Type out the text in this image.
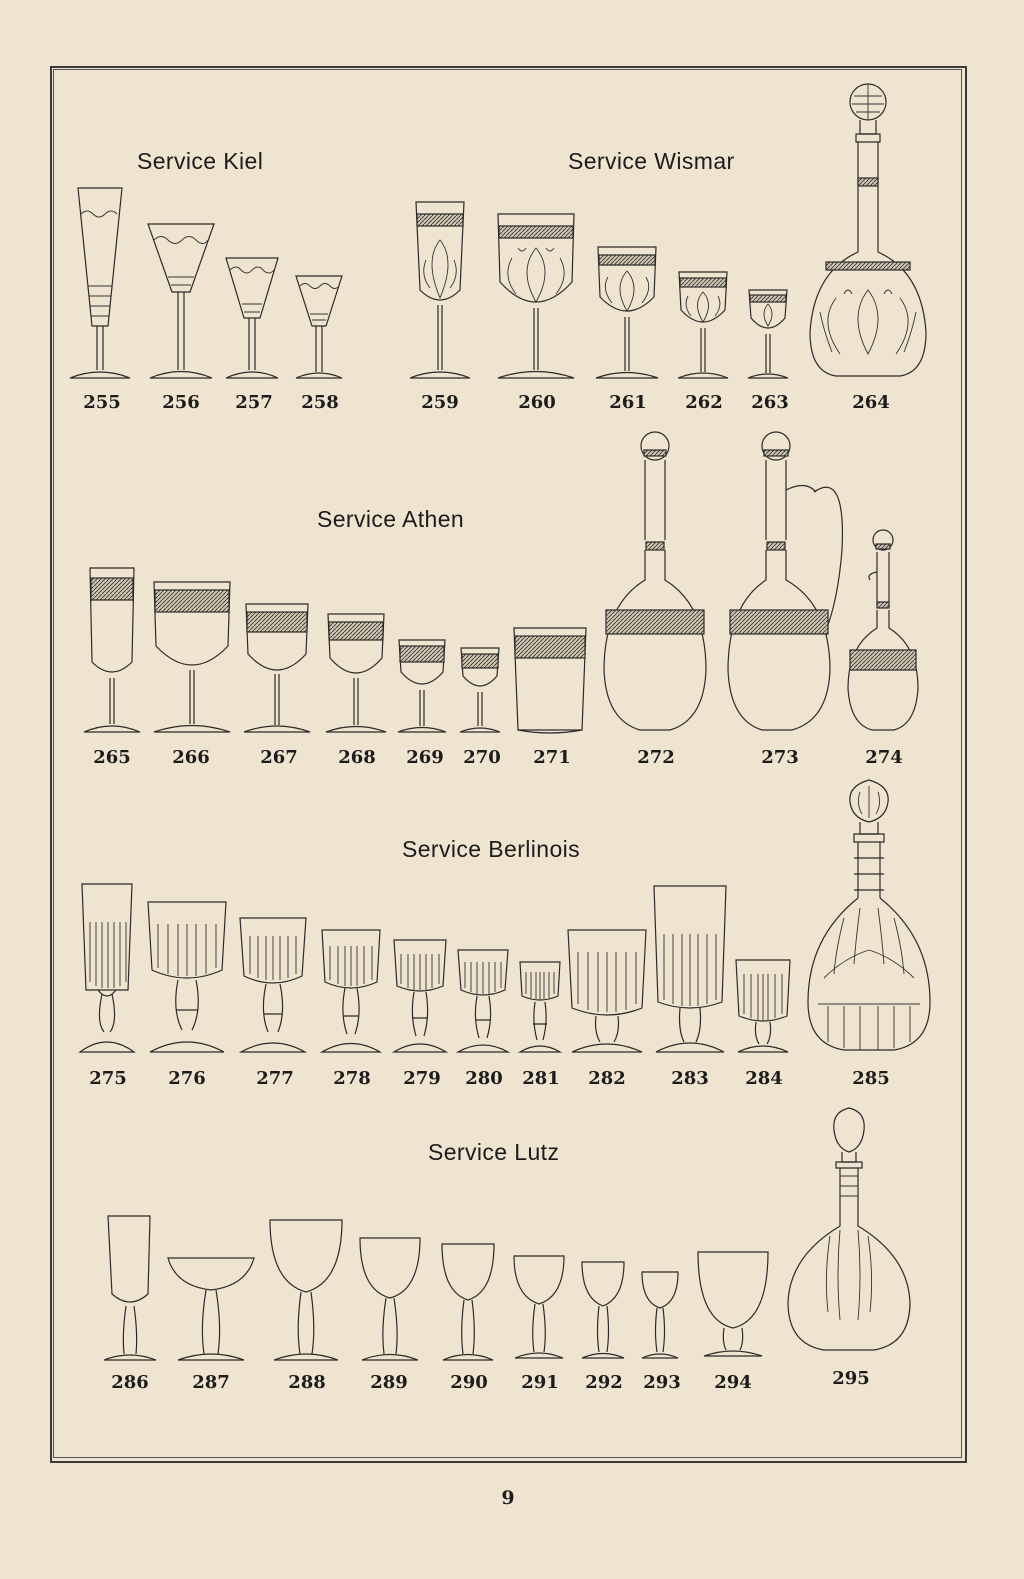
Service Kiel	Service Wismar
Service Athen
Service Berlinois
Service Lutz
255 256 257 258	259	260	261 262 263	264
265 266	267 268 269 270 271	272	273	274
275 276	277 278 279 280 281 282	283 284	285
286 287	288 289 290 291 292 293 294	295
9
